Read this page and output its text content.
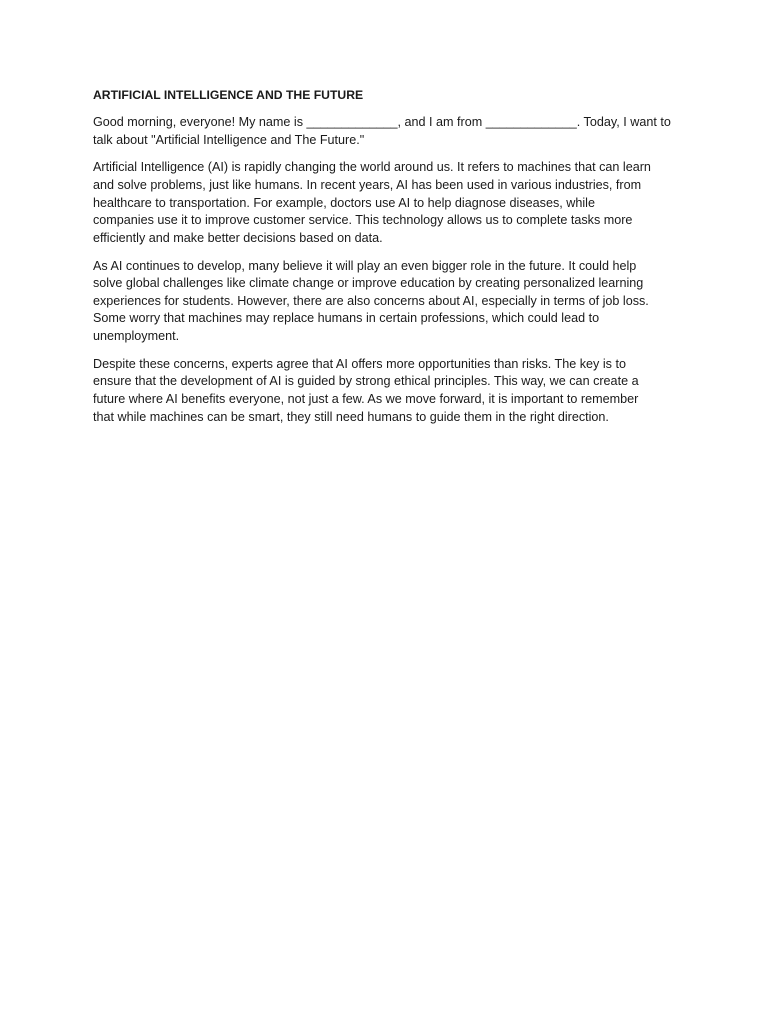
ARTIFICIAL INTELLIGENCE AND THE FUTURE
Good morning, everyone! My name is _____________, and I am from _____________. Today, I want to
talk about "Artificial Intelligence and The Future."
Artificial Intelligence (AI) is rapidly changing the world around us. It refers to machines that can learn
and solve problems, just like humans. In recent years, AI has been used in various industries, from
healthcare to transportation. For example, doctors use AI to help diagnose diseases, while
companies use it to improve customer service. This technology allows us to complete tasks more
efficiently and make better decisions based on data.
As AI continues to develop, many believe it will play an even bigger role in the future. It could help
solve global challenges like climate change or improve education by creating personalized learning
experiences for students. However, there are also concerns about AI, especially in terms of job loss.
Some worry that machines may replace humans in certain professions, which could lead to
unemployment.
Despite these concerns, experts agree that AI offers more opportunities than risks. The key is to
ensure that the development of AI is guided by strong ethical principles. This way, we can create a
future where AI benefits everyone, not just a few. As we move forward, it is important to remember
that while machines can be smart, they still need humans to guide them in the right direction.
